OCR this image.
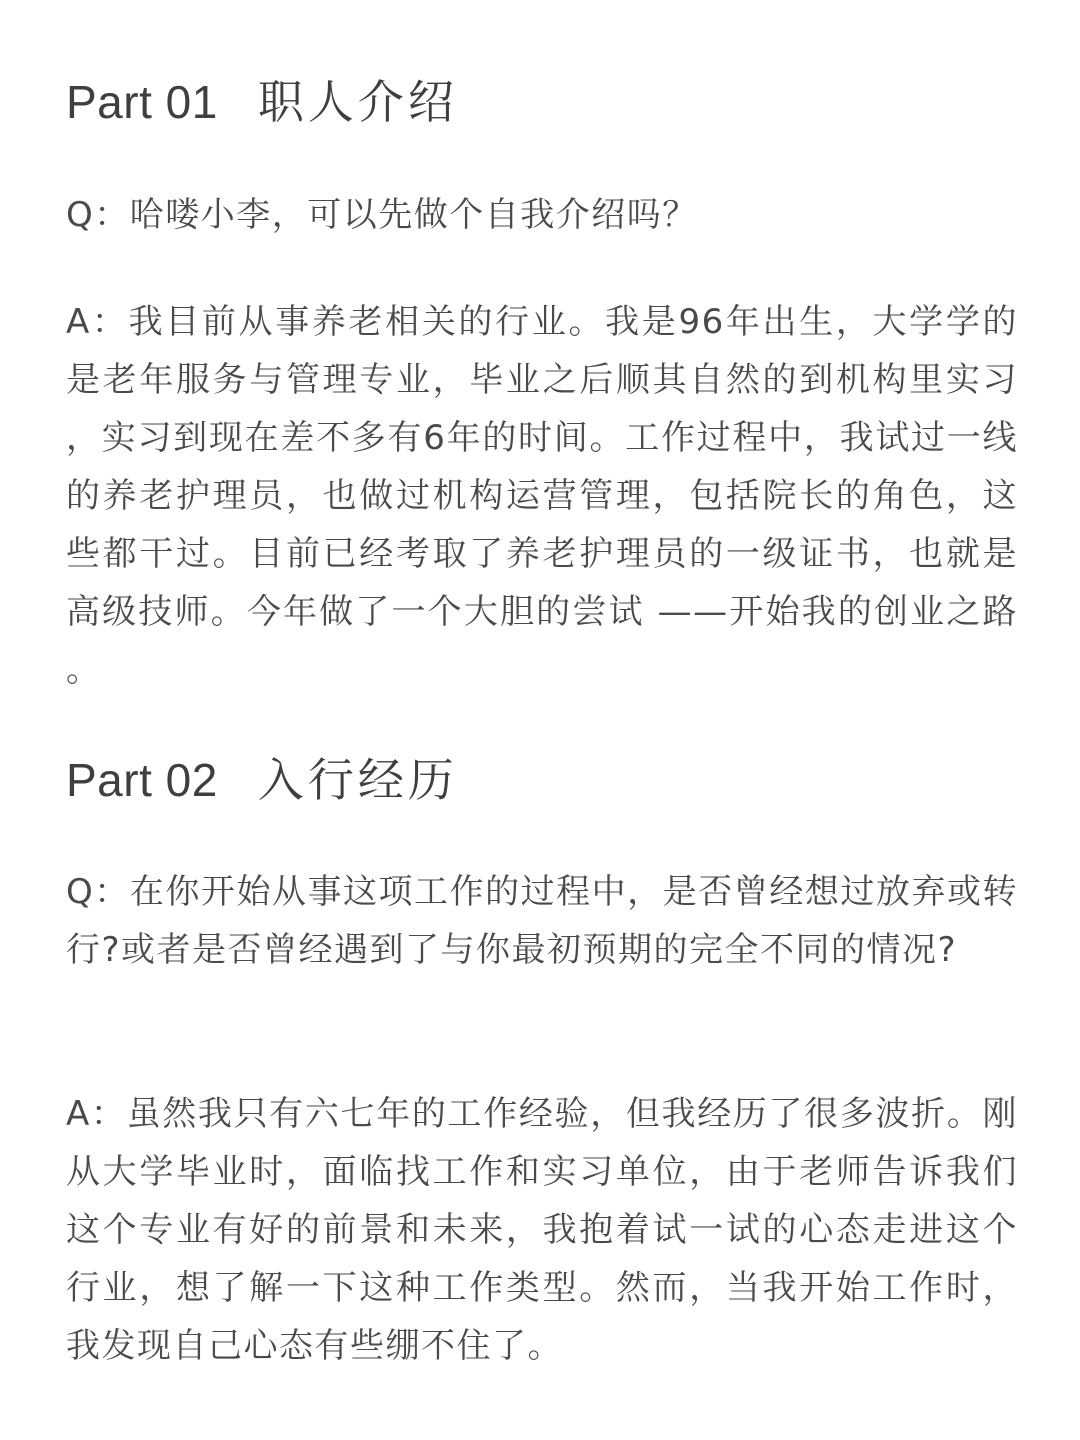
Part 01 职人介绍

Q：哈喽小李，可以先做个自我介绍吗？

A：我目前从事养老相关的行业。我是96年出生，大学学的是老年服务与管理专业，毕业之后顺其自然的到机构里实习，实习到现在差不多有6年的时间。工作过程中，我试过一线的养老护理员，也做过机构运营管理，包括院长的角色，这些都干过。目前已经考取了养老护理员的一级证书，也就是高级技师。今年做了一个大胆的尝试 ——开始我的创业之路。

Part 02 入行经历

Q：在你开始从事这项工作的过程中，是否曾经想过放弃或转行?或者是否曾经遇到了与你最初预期的完全不同的情况?

A：虽然我只有六七年的工作经验，但我经历了很多波折。刚从大学毕业时，面临找工作和实习单位，由于老师告诉我们这个专业有好的前景和未来，我抱着试一试的心态走进这个行业，想了解一下这种工作类型。然而，当我开始工作时，我发现自己心态有些绷不住了。
